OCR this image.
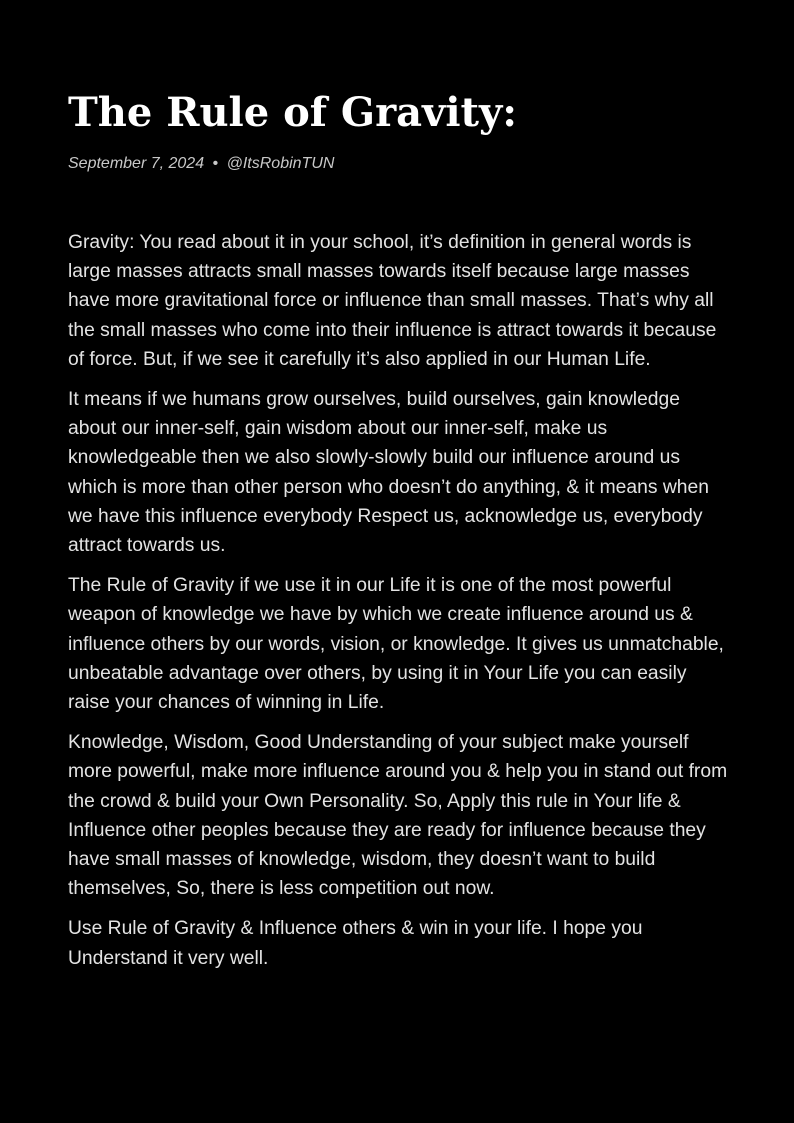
The Rule of Gravity:
September 7, 2024 • @ItsRobinTUN

Gravity: You read about it in your school, it’s definition in general words is large masses attracts small masses towards itself because large masses have more gravitational force or influence than small masses. That’s why all the small masses who come into their influence is attract towards it because of force. But, if we see it carefully it’s also applied in our Human Life.

It means if we humans grow ourselves, build ourselves, gain knowledge about our inner-self, gain wisdom about our inner-self, make us knowledgeable then we also slowly-slowly build our influence around us which is more than other person who doesn’t do anything, & it means when we have this influence everybody Respect us, acknowledge us, everybody attract towards us.

The Rule of Gravity if we use it in our Life it is one of the most powerful weapon of knowledge we have by which we create influence around us & influence others by our words, vision, or knowledge. It gives us unmatchable, unbeatable advantage over others, by using it in Your Life you can easily raise your chances of winning in Life.

Knowledge, Wisdom, Good Understanding of your subject make yourself more powerful, make more influence around you & help you in stand out from the crowd & build your Own Personality. So, Apply this rule in Your life & Influence other peoples because they are ready for influence because they have small masses of knowledge, wisdom, they doesn’t want to build themselves, So, there is less competition out now.

Use Rule of Gravity & Influence others & win in your life. I hope you Understand it very well.
